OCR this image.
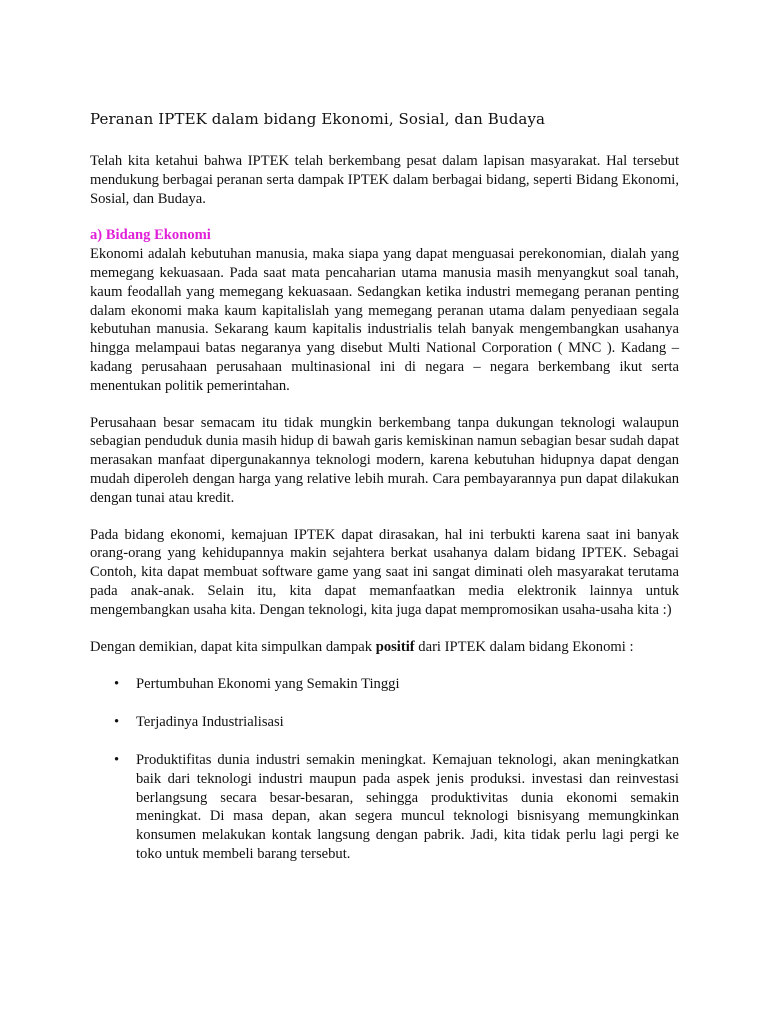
Peranan IPTEK dalam bidang Ekonomi, Sosial, dan Budaya

Telah kita ketahui bahwa IPTEK telah berkembang pesat dalam lapisan masyarakat. Hal tersebut mendukung berbagai peranan serta dampak IPTEK dalam berbagai bidang, seperti Bidang Ekonomi, Sosial, dan Budaya.

a) Bidang Ekonomi

Ekonomi adalah kebutuhan manusia, maka siapa yang dapat menguasai perekonomian, dialah yang memegang kekuasaan. Pada saat mata pencaharian utama manusia masih menyangkut soal tanah, kaum feodallah yang memegang kekuasaan. Sedangkan ketika industri memegang peranan penting dalam ekonomi maka kaum kapitalislah yang memegang peranan utama dalam penyediaan segala kebutuhan manusia. Sekarang kaum kapitalis industrialis telah banyak mengembangkan usahanya hingga melampaui batas negaranya yang disebut Multi National Corporation ( MNC ). Kadang – kadang perusahaan perusahaan multinasional ini di negara – negara berkembang ikut serta menentukan politik pemerintahan.

Perusahaan besar semacam itu tidak mungkin berkembang tanpa dukungan teknologi walaupun sebagian penduduk dunia masih hidup di bawah garis kemiskinan namun sebagian besar sudah dapat merasakan manfaat dipergunakannya teknologi modern, karena kebutuhan hidupnya dapat dengan mudah diperoleh dengan harga yang relative lebih murah. Cara pembayarannya pun dapat dilakukan dengan tunai atau kredit.

Pada bidang ekonomi, kemajuan IPTEK dapat dirasakan, hal ini terbukti karena saat ini banyak orang-orang yang kehidupannya makin sejahtera berkat usahanya dalam bidang IPTEK. Sebagai Contoh, kita dapat membuat software game yang saat ini sangat diminati oleh masyarakat terutama pada anak-anak. Selain itu, kita dapat memanfaatkan media elektronik lainnya untuk mengembangkan usaha kita. Dengan teknologi, kita juga dapat mempromosikan usaha-usaha kita :)

Dengan demikian, dapat kita simpulkan dampak positif dari IPTEK dalam bidang Ekonomi :

•	Pertumbuhan Ekonomi yang Semakin Tinggi
•	Terjadinya Industrialisasi
•	Produktifitas dunia industri semakin meningkat. Kemajuan teknologi, akan meningkatkan baik dari teknologi industri maupun pada aspek jenis produksi. investasi dan reinvestasi berlangsung secara besar-besaran, sehingga produktivitas dunia ekonomi semakin meningkat. Di masa depan, akan segera muncul teknologi bisnisyang memungkinkan konsumen melakukan kontak langsung dengan pabrik. Jadi, kita tidak perlu lagi pergi ke toko untuk membeli barang tersebut.
